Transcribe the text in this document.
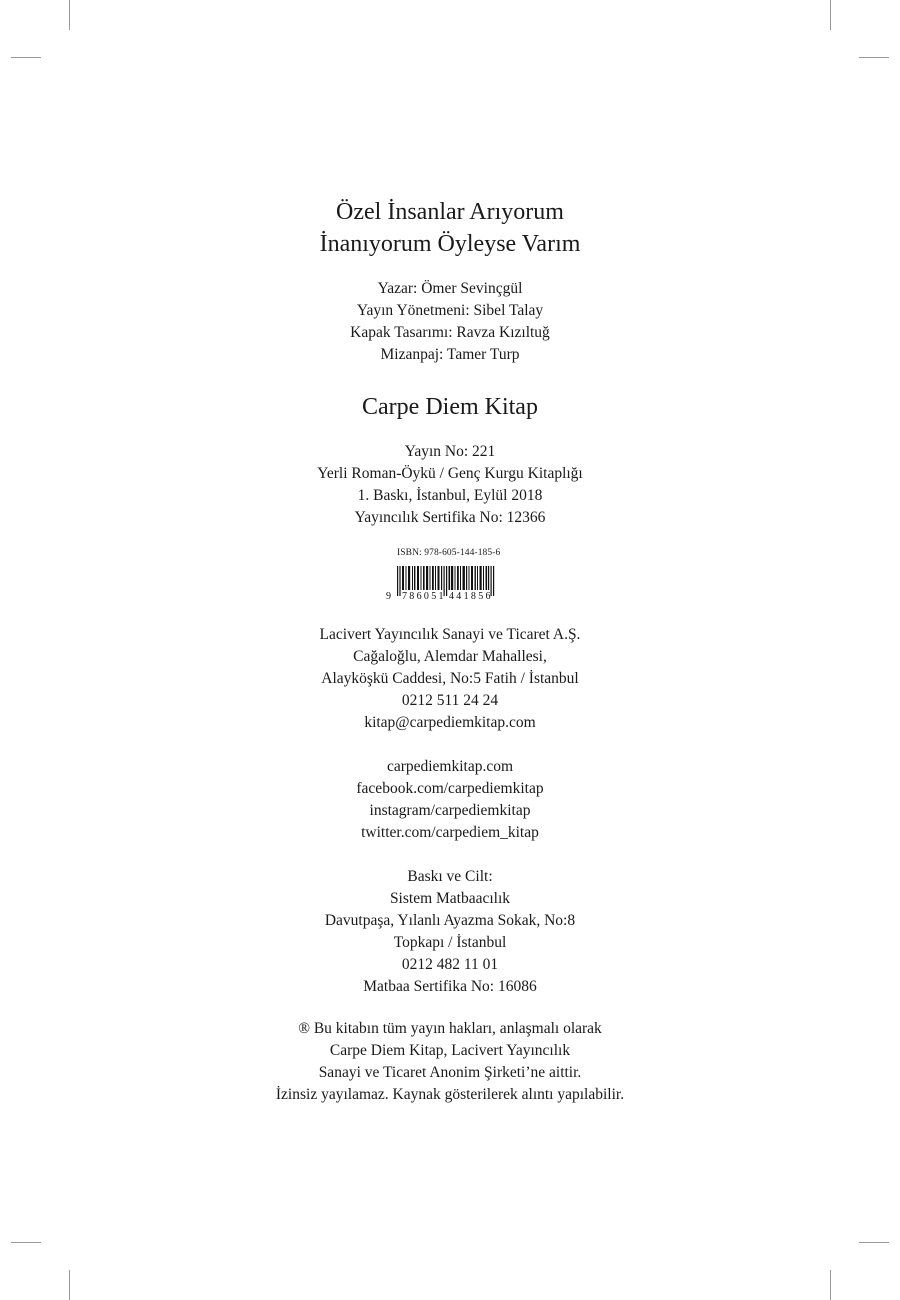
Özel İnsanlar Arıyorum
İnanıyorum Öyleyse Varım
Yazar: Ömer Sevinçgül
Yayın Yönetmeni: Sibel Talay
Kapak Tasarımı: Ravza Kızıltuğ
Mizanpaj: Tamer Turp
Carpe Diem Kitap
Yayın No: 221
Yerli Roman-Öykü / Genç Kurgu Kitaplığı
1. Baskı, İstanbul, Eylül 2018
Yayıncılık Sertifika No: 12366
ISBN: 978-605-144-185-6
9 786051 441856
Lacivert Yayıncılık Sanayi ve Ticaret A.Ş.
Cağaloğlu, Alemdar Mahallesi,
Alayköşkü Caddesi, No:5 Fatih / İstanbul
0212 511 24 24
kitap@carpediemkitap.com
carpediemkitap.com
facebook.com/carpediemkitap
instagram/carpediemkitap
twitter.com/carpediem_kitap
Baskı ve Cilt:
Sistem Matbaacılık
Davutpaşa, Yılanlı Ayazma Sokak, No:8
Topkapı / İstanbul
0212 482 11 01
Matbaa Sertifika No: 16086
® Bu kitabın tüm yayın hakları, anlaşmalı olarak
Carpe Diem Kitap, Lacivert Yayıncılık
Sanayi ve Ticaret Anonim Şirketi’ne aittir.
İzinsiz yayılamaz. Kaynak gösterilerek alıntı yapılabilir.
